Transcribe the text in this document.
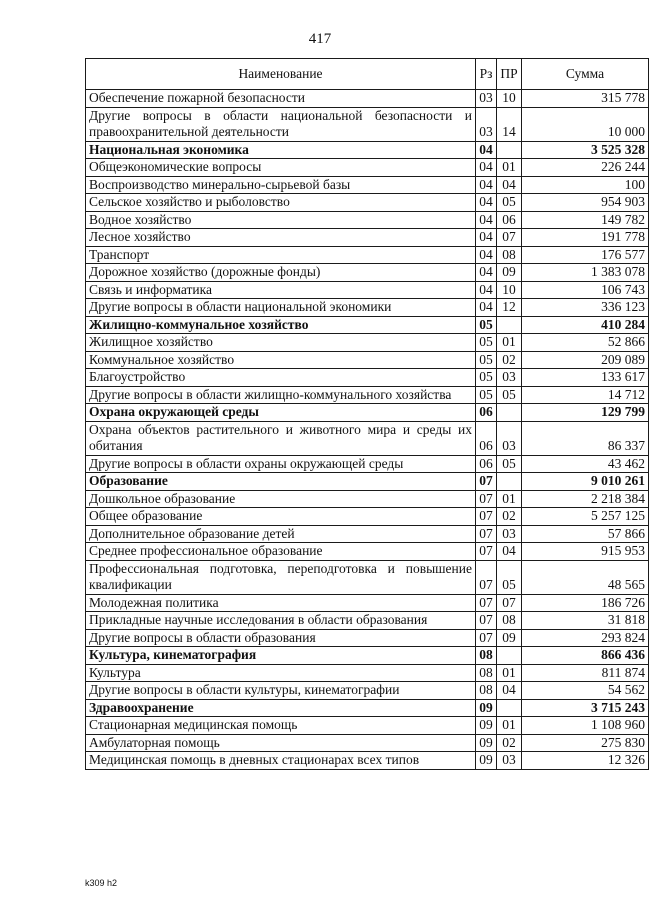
417
Наименование	Рз	ПР	Сумма
Обеспечение пожарной безопасности	03	10	315 778
Другие вопросы в области национальной безопасности и правоохранительной деятельности	03	14	10 000
Национальная экономика	04		3 525 328
Общеэкономические вопросы	04	01	226 244
Воспроизводство минерально-сырьевой базы	04	04	100
Сельское хозяйство и рыболовство	04	05	954 903
Водное хозяйство	04	06	149 782
Лесное хозяйство	04	07	191 778
Транспорт	04	08	176 577
Дорожное хозяйство (дорожные фонды)	04	09	1 383 078
Связь и информатика	04	10	106 743
Другие вопросы в области национальной экономики	04	12	336 123
Жилищно-коммунальное хозяйство	05		410 284
Жилищное хозяйство	05	01	52 866
Коммунальное хозяйство	05	02	209 089
Благоустройство	05	03	133 617
Другие вопросы в области жилищно-коммунального хозяйства	05	05	14 712
Охрана окружающей среды	06		129 799
Охрана объектов растительного и животного мира и среды их обитания	06	03	86 337
Другие вопросы в области охраны окружающей среды	06	05	43 462
Образование	07		9 010 261
Дошкольное образование	07	01	2 218 384
Общее образование	07	02	5 257 125
Дополнительное образование детей	07	03	57 866
Среднее профессиональное образование	07	04	915 953
Профессиональная подготовка, переподготовка и повышение квалификации	07	05	48 565
Молодежная политика	07	07	186 726
Прикладные научные исследования в области образования	07	08	31 818
Другие вопросы в области образования	07	09	293 824
Культура, кинематография	08		866 436
Культура	08	01	811 874
Другие вопросы в области культуры, кинематографии	08	04	54 562
Здравоохранение	09		3 715 243
Стационарная медицинская помощь	09	01	1 108 960
Амбулаторная помощь	09	02	275 830
Медицинская помощь в дневных стационарах всех типов	09	03	12 326
k309 h2
